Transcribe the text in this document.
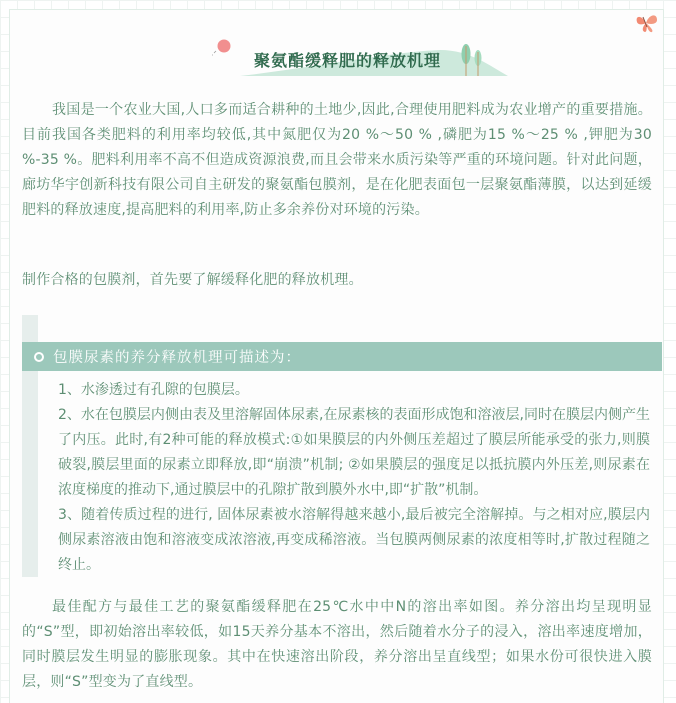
聚氨酯缓释肥的释放机理

我国是一个农业大国,人口多而适合耕种的土地少,因此,合理使用肥料成为农业增产的重要措施。目前我国各类肥料的利用率均较低,其中氮肥仅为20 %～50 % ,磷肥为15 %～25 % ,钾肥为30 %-35 %。肥料利用率不高不但造成资源浪费,而且会带来水质污染等严重的环境问题。针对此问题，廊坊华宇创新科技有限公司自主研发的聚氨酯包膜剂，是在化肥表面包一层聚氨酯薄膜，以达到延缓肥料的释放速度,提高肥料的利用率,防止多余养份对环境的污染。

制作合格的包膜剂，首先要了解缓释化肥的释放机理。

包膜尿素的养分释放机理可描述为：
1、水渗透过有孔隙的包膜层。
2、水在包膜层内侧由表及里溶解固体尿素,在尿素核的表面形成饱和溶液层,同时在膜层内侧产生了内压。此时,有2种可能的释放模式:①如果膜层的内外侧压差超过了膜层所能承受的张力,则膜破裂,膜层里面的尿素立即释放,即“崩溃”机制; ②如果膜层的强度足以抵抗膜内外压差,则尿素在浓度梯度的推动下,通过膜层中的孔隙扩散到膜外水中,即“扩散”机制。
3、随着传质过程的进行, 固体尿素被水溶解得越来越小,最后被完全溶解掉。与之相对应,膜层内侧尿素溶液由饱和溶液变成浓溶液,再变成稀溶液。当包膜两侧尿素的浓度相等时,扩散过程随之终止。

最佳配方与最佳工艺的聚氨酯缓释肥在25℃水中中N的溶出率如图。养分溶出均呈现明显的“S”型，即初始溶出率较低，如15天养分基本不溶出，然后随着水分子的浸入，溶出率速度增加，同时膜层发生明显的膨胀现象。其中在快速溶出阶段，养分溶出呈直线型；如果水份可很快进入膜层，则“S”型变为了直线型。
